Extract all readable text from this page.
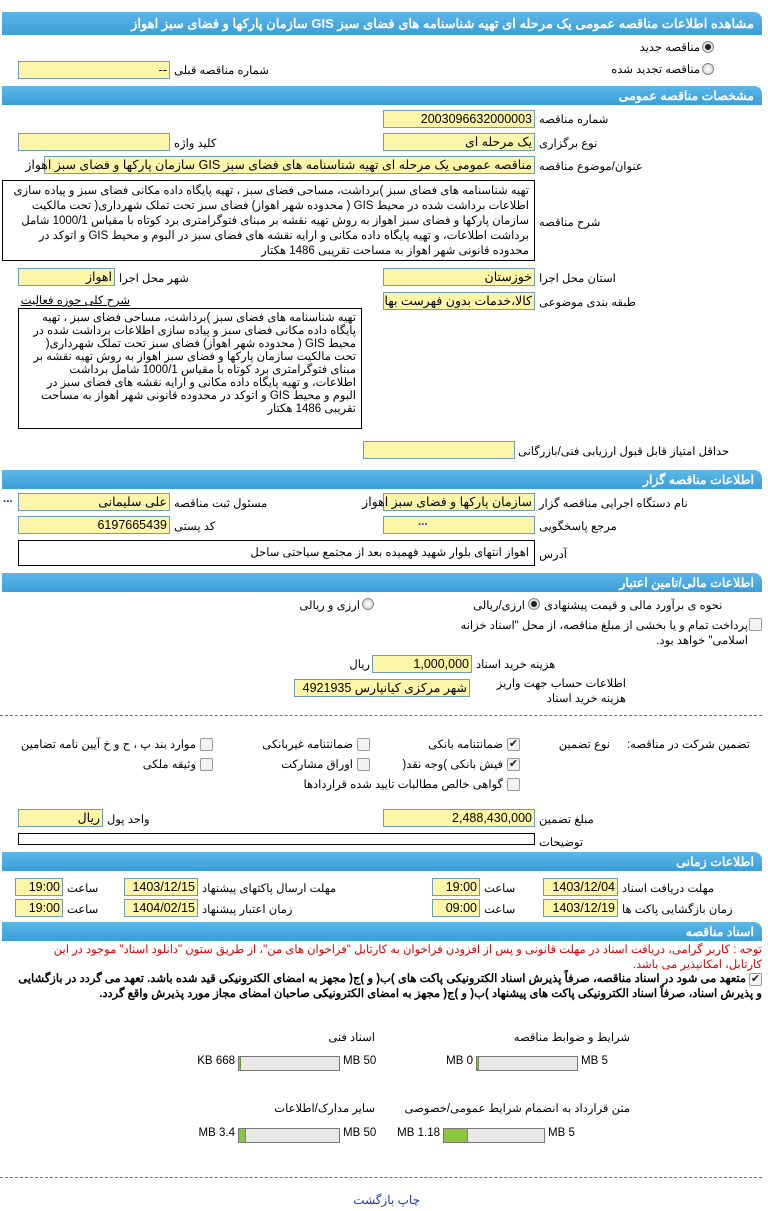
مشاهده اطلاعات مناقصه عمومی یک مرحله ای تهیه شناسنامه های فضای سبز GIS سازمان پارکها و فضای سبز اهواز
مناقصه جدید
مناقصه تجدید شده
شماره مناقصه قبلی
--
مشخصات مناقصه عمومی
شماره مناقصه
2003096632000003
نوع برگزاری
یک مرحله ای
کلید واژه
عنوان/موضوع مناقصه
مناقصه عمومی یک مرحله ای تهیه شناسنامه های فضای سبز GIS سازمان پارکها و فضای سبز اهواز
شرح مناقصه
تهیه شناسنامه های فضای سبز )برداشت، مساحی فضای سبز ، تهیه پایگاه داده مکانی فضای سبز و پیاده سازی اطلاعات برداشت شده در محیط GIS ( محدوده شهر اهواز) فضای سبز تحت تملک شهرداری( تحت مالکیت سازمان پارکها و فضای سبز اهواز به روش تهیه نقشه بر مبنای فتوگرامتری برد کوتاه با مقیاس 1000/1 شامل برداشت اطلاعات، و تهیه پایگاه داده مکانی و ارایه نقشه های فضای سبز در البوم و محیط GIS و اتوکد در محدوده قانونی شهر اهواز به مساحت تقریبی 1486 هکتار
استان محل اجرا
خوزستان
شهر محل اجرا
اهواز
طبقه بندی موضوعی
کالا،خدمات بدون فهرست بها
شرح کلی حوزه فعالیت
تهیه شناسنامه های فضای سبز )برداشت، مساحی فضای سبز ، تهیه پایگاه داده مکانی فضای سبز و پیاده سازی اطلاعات برداشت شده در محیط GIS ( محدوده شهر اهواز) فضای سبز تحت تملک شهرداری( تحت مالکیت سازمان پارکها و فضای سبز اهواز به روش تهیه نقشه بر مبنای فتوگرامتری برد کوتاه با مقیاس 1000/1 شامل برداشت اطلاعات، و تهیه پایگاه داده مکانی و ارایه نقشه های فضای سبز در البوم و محیط GIS و اتوکد در محدوده قانونی شهر اهواز به مساحت تقریبی 1486 هکتار
حداقل امتیاز قابل قبول ارزیابی فنی/بازرگانی
اطلاعات مناقصه گزار
نام دستگاه اجرایی مناقصه گزار
سازمان پارکها و فضای سبز اهواز
مسئول ثبت مناقصه
علی سلیمانی
...
مرجع پاسخگویی
...
کد پستی
6197665439
آدرس
اهواز انتهای بلوار شهید فهمیده بعد از مجتمع سیاحتی ساحل
اطلاعات مالی/تامین اعتبار
نحوه ی برآورد مالی و قیمت پیشنهادی
ارزی/ریالی
ارزی و ریالی
پرداخت تمام و یا بخشی از مبلغ مناقصه، از محل "اسناد خزانه اسلامی" خواهد بود.
هزینه خرید اسناد
1,000,000
ریال
اطلاعات حساب جهت واریز هزینه خرید اسناد
شهر مرکزی کیانپارس 4921935
تضمین شرکت در مناقصه:
نوع تضمین
✔
ضمانتنامه بانکی
ضمانتنامه غیربانکی
موارد بند پ ، ح و خ آیین نامه تضامین
✔
فیش بانکی )وجه نقد(
اوراق مشارکت
وثیقه ملکی
گواهی خالص مطالبات تایید شده قراردادها
مبلغ تضمین
2,488,430,000
واحد پول
ریال
توضیحات
اطلاعات زمانی
مهلت دریافت اسناد
1403/12/04
ساعت
19:00
مهلت ارسال پاکتهای پیشنهاد
1403/12/15
ساعت
19:00
زمان بازگشایی پاکت ها
1403/12/19
ساعت
09:00
زمان اعتبار پیشنهاد
1404/02/15
ساعت
19:00
اسناد مناقصه
توجه : کاربر گرامی، دریافت اسناد در مهلت قانونی و پس از افزودن فراخوان به کارتابل "فراخوان های من"، از طریق ستون "دانلود اسناد" موجود در این کارتابل، امکانپذیر می باشد.
✔
متعهد می شود در اسناد مناقصه، صرفاً پذیرش اسناد الکترونیکی پاکت های )ب( و )ج( مجهز به امضای الکترونیکی قید شده باشد. تعهد می گردد در بازگشایی و پذیرش اسناد، صرفاً اسناد الکترونیکی پاکت های پیشنهاد )ب( و )ج( مجهز به امضای الکترونیکی صاحبان امضای مجاز مورد پذیرش واقع گردد.
شرایط و ضوابط مناقصه
5 MB
0 MB
اسناد فنی
50 MB
668 KB
متن قرارداد به انضمام شرایط عمومی/خصوصی
5 MB
1.18 MB
سایر مدارک/اطلاعات
50 MB
3.4 MB
چاپ بازگشت
